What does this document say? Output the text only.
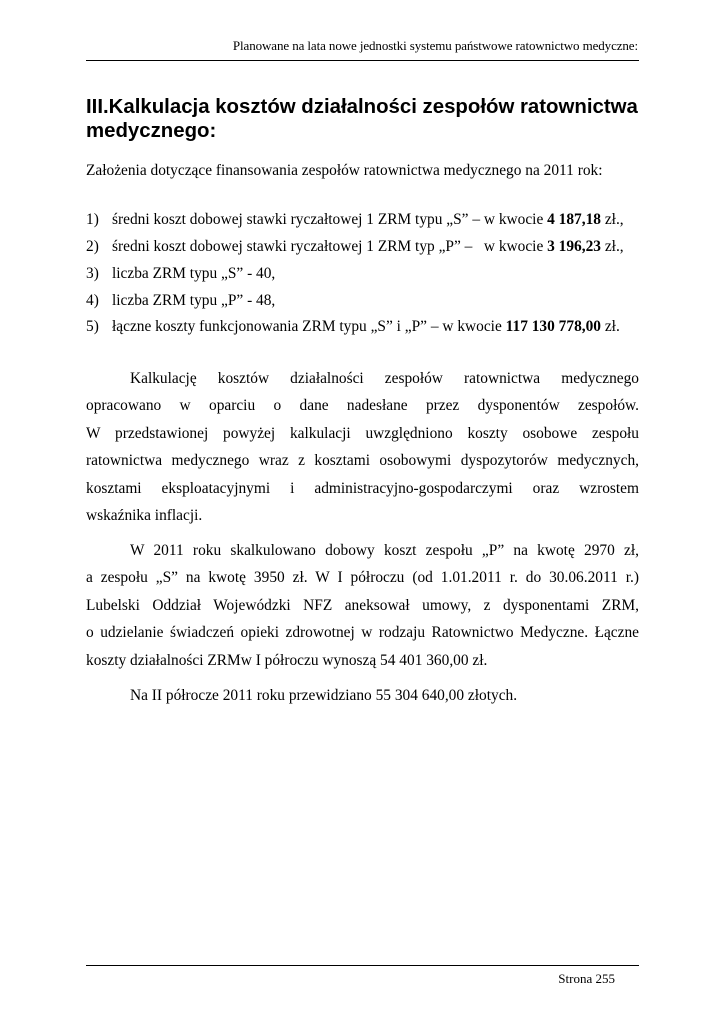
Planowane na lata nowe jednostki systemu państwowe ratownictwo medyczne:
III.Kalkulacja kosztów działalności zespołów ratownictwa
medycznego:

Założenia dotyczące finansowania zespołów ratownictwa medycznego na 2011 rok:

1) średni koszt dobowej stawki ryczałtowej 1 ZRM typu „S” – w kwocie 4 187,18 zł.,

2) średni koszt dobowej stawki ryczałtowej 1 ZRM typ „P” –   w kwocie 3 196,23 zł.,

3) liczba ZRM typu „S” - 40,

4) liczba ZRM typu „P” - 48,

5) łączne koszty funkcjonowania ZRM typu „S” i „P” – w kwocie 117 130 778,00 zł.

Kalkulację kosztów działalności zespołów ratownictwa medycznego
opracowano w oparciu o dane nadesłane przez dysponentów zespołów.
W przedstawionej powyżej kalkulacji uwzględniono koszty osobowe zespołu
ratownictwa medycznego wraz z kosztami osobowymi dyspozytorów medycznych,
kosztami eksploatacyjnymi i administracyjno-gospodarczymi oraz wzrostem
wskaźnika inflacji.
W 2011 roku skalkulowano dobowy koszt zespołu „P” na kwotę 2970 zł,
a zespołu „S” na kwotę 3950 zł. W I półroczu (od 1.01.2011 r. do 30.06.2011 r.)
Lubelski Oddział Wojewódzki NFZ aneksował umowy, z dysponentami ZRM,
o udzielanie świadczeń opieki zdrowotnej w rodzaju Ratownictwo Medyczne. Łączne
koszty działalności ZRMw I półroczu wynoszą 54 401 360,00 zł.
Na II półrocze 2011 roku przewidziano 55 304 640,00 złotych.
Strona 255
